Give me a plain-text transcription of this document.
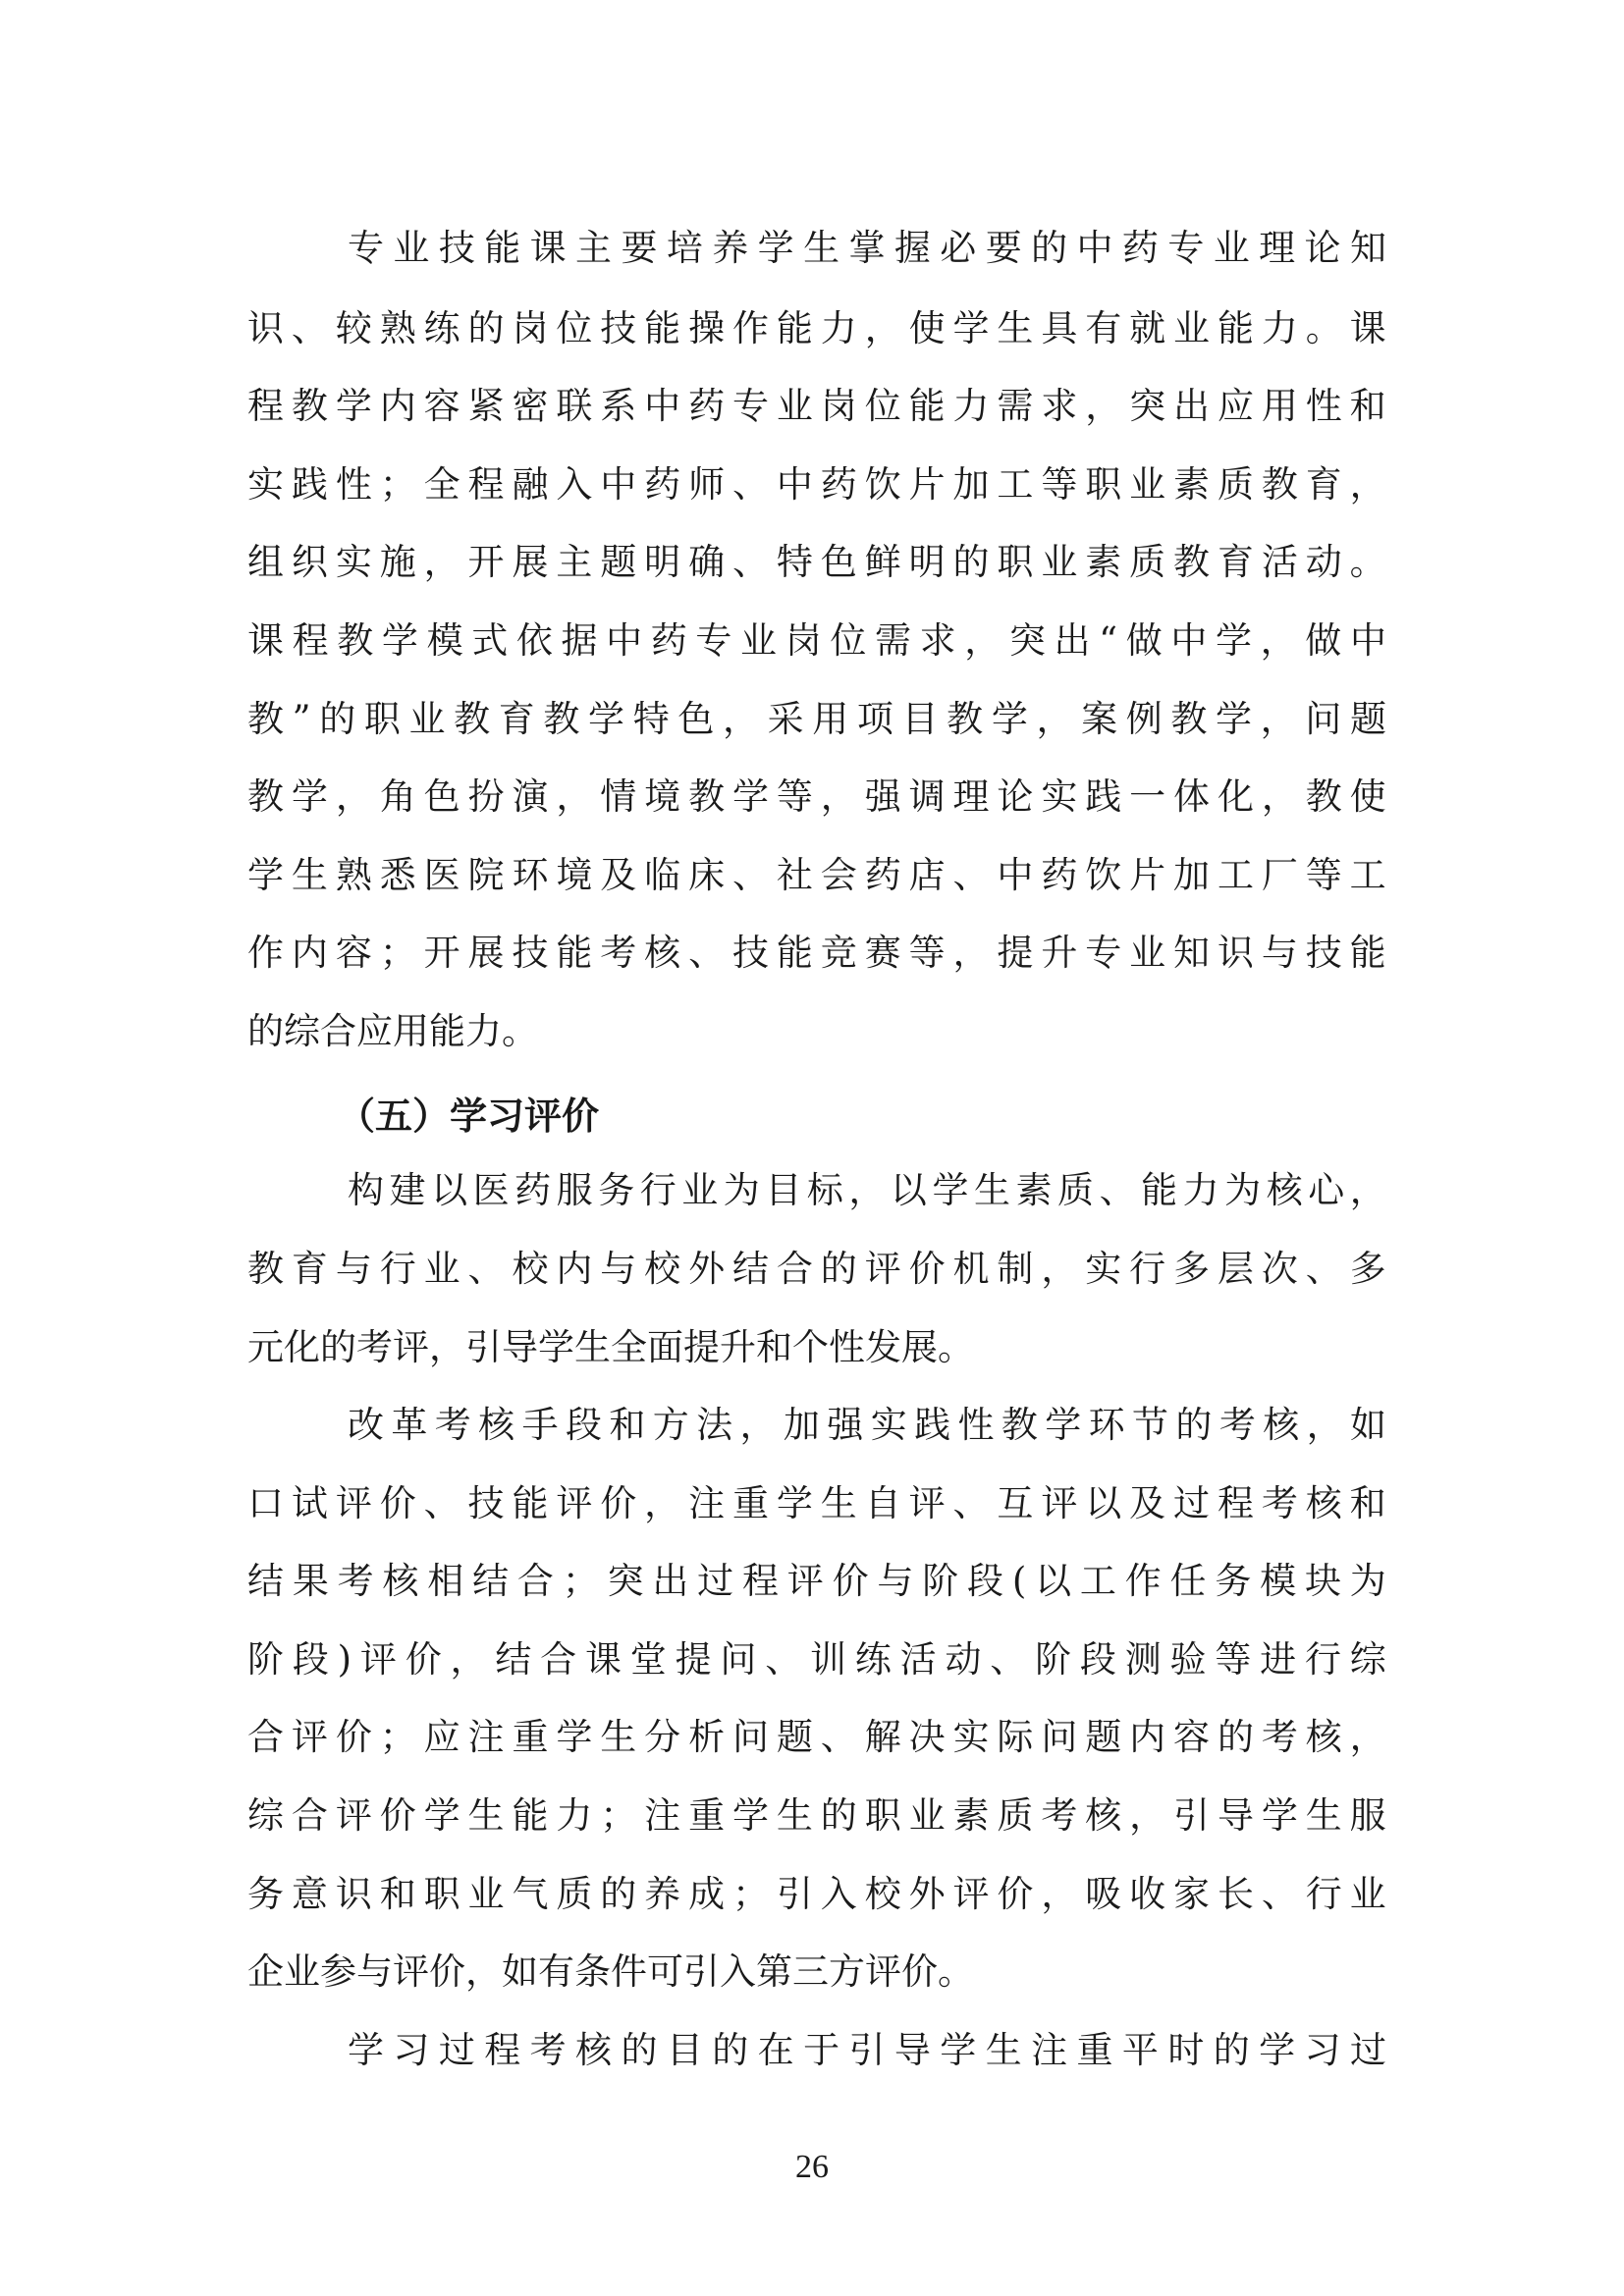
专 业 技 能 课 主 要 培 养 学 生 掌 握 必 要 的 中 药 专 业 理 论 知
识 、 较 熟 练 的 岗 位 技 能 操 作 能 力 ， 使 学 生 具 有 就 业 能 力 。 课
程 教 学 内 容 紧 密 联 系 中 药 专 业 岗 位 能 力 需 求 ， 突 出 应 用 性 和
实 践 性 ； 全 程 融 入 中 药 师 、 中 药 饮 片 加 工 等 职 业 素 质 教 育 ，
组 织 实 施 ， 开 展 主 题 明 确 、 特 色 鲜 明 的 职 业 素 质 教 育 活 动 。
课 程 教 学 模 式 依 据 中 药 专 业 岗 位 需 求 ， 突 出 “ 做 中 学 ， 做 中
教 ” 的 职 业 教 育 教 学 特 色 ， 采 用 项 目 教 学 ， 案 例 教 学 ， 问 题
教 学 ， 角 色 扮 演 ， 情 境 教 学 等 ， 强 调 理 论 实 践 一 体 化 ， 教 使
学 生 熟 悉 医 院 环 境 及 临 床 、 社 会 药 店 、 中 药 饮 片 加 工 厂 等 工
作 内 容 ； 开 展 技 能 考 核 、 技 能 竞 赛 等 ， 提 升 专 业 知 识 与 技 能
的综合应用能力。
（五）学习评价
构 建 以 医 药 服 务 行 业 为 目 标 ， 以 学 生 素 质 、 能 力 为 核 心 ，
教 育 与 行 业 、 校 内 与 校 外 结 合 的 评 价 机 制 ， 实 行 多 层 次 、 多
元化的考评，引导学生全面提升和个性发展。
改 革 考 核 手 段 和 方 法 ， 加 强 实 践 性 教 学 环 节 的 考 核 ， 如
口 试 评 价 、 技 能 评 价 ， 注 重 学 生 自 评 、 互 评 以 及 过 程 考 核 和
结 果 考 核 相 结 合 ； 突 出 过 程 评 价 与 阶 段 ( 以 工 作 任 务 模 块 为
阶 段 ) 评 价 ， 结 合 课 堂 提 问 、 训 练 活 动 、 阶 段 测 验 等 进 行 综
合 评 价 ； 应 注 重 学 生 分 析 问 题 、 解 决 实 际 问 题 内 容 的 考 核 ，
综 合 评 价 学 生 能 力 ； 注 重 学 生 的 职 业 素 质 考 核 ， 引 导 学 生 服
务 意 识 和 职 业 气 质 的 养 成 ； 引 入 校 外 评 价 ， 吸 收 家 长 、 行 业
企业参与评价，如有条件可引入第三方评价。
学 习 过 程 考 核 的 目 的 在 于 引 导 学 生 注 重 平 时 的 学 习 过
26
